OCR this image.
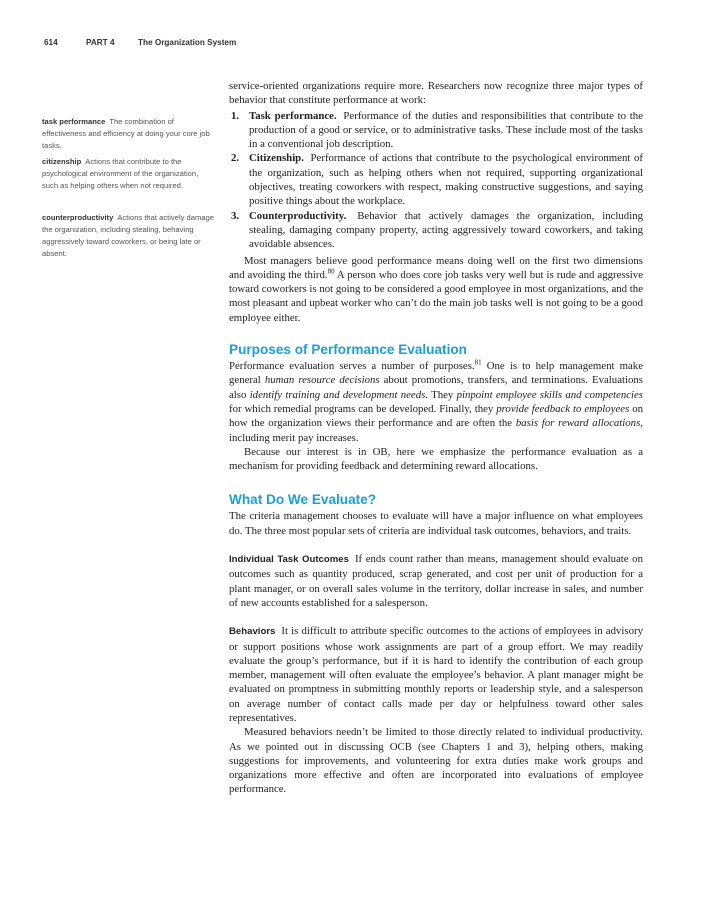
614	PART 4	The Organization System
task performance The combination of effectiveness and efficiency at doing your core job tasks.
citizenship Actions that contribute to the psychological environment of the organization, such as helping others when not required.
counterproductivity Actions that actively damage the organization, including stealing, behaving aggressively toward coworkers, or being late or absent.

service-oriented organizations require more. Researchers now recognize three major types of behavior that constitute performance at work:

1. Task performance. Performance of the duties and responsibilities that contribute to the production of a good or service, or to administrative tasks. These include most of the tasks in a conventional job description.
2. Citizenship. Performance of actions that contribute to the psychological environment of the organization, such as helping others when not required, supporting organizational objectives, treating coworkers with respect, making constructive suggestions, and saying positive things about the workplace.
3. Counterproductivity. Behavior that actively damages the organization, including stealing, damaging company property, acting aggressively toward coworkers, and taking avoidable absences.

Most managers believe good performance means doing well on the first two dimensions and avoiding the third.$^{80}$ A person who does core job tasks very well but is rude and aggressive toward coworkers is not going to be considered a good employee in most organizations, and the most pleasant and upbeat worker who can’t do the main job tasks well is not going to be a good employee either.

Purposes of Performance Evaluation

Performance evaluation serves a number of purposes.$^{81}$ One is to help management make general human resource decisions about promotions, transfers, and terminations. Evaluations also identify training and development needs. They pinpoint employee skills and competencies for which remedial programs can be developed. Finally, they provide feedback to employees on how the organization views their performance and are often the basis for reward allocations, including merit pay increases.

Because our interest is in OB, here we emphasize the performance evaluation as a mechanism for providing feedback and determining reward allocations.

What Do We Evaluate?

The criteria management chooses to evaluate will have a major influence on what employees do. The three most popular sets of criteria are individual task outcomes, behaviors, and traits.

Individual Task Outcomes If ends count rather than means, management should evaluate on outcomes such as quantity produced, scrap generated, and cost per unit of production for a plant manager, or on overall sales volume in the territory, dollar increase in sales, and number of new accounts established for a salesperson.

Behaviors It is difficult to attribute specific outcomes to the actions of employees in advisory or support positions whose work assignments are part of a group effort. We may readily evaluate the group’s performance, but if it is hard to identify the contribution of each group member, management will often evaluate the employee’s behavior. A plant manager might be evaluated on promptness in submitting monthly reports or leadership style, and a salesperson on average number of contact calls made per day or helpfulness toward other sales representatives.

Measured behaviors needn’t be limited to those directly related to individual productivity. As we pointed out in discussing OCB (see Chapters 1 and 3), helping others, making suggestions for improvements, and volunteering for extra duties make work groups and organizations more effective and often are incorporated into evaluations of employee performance.
